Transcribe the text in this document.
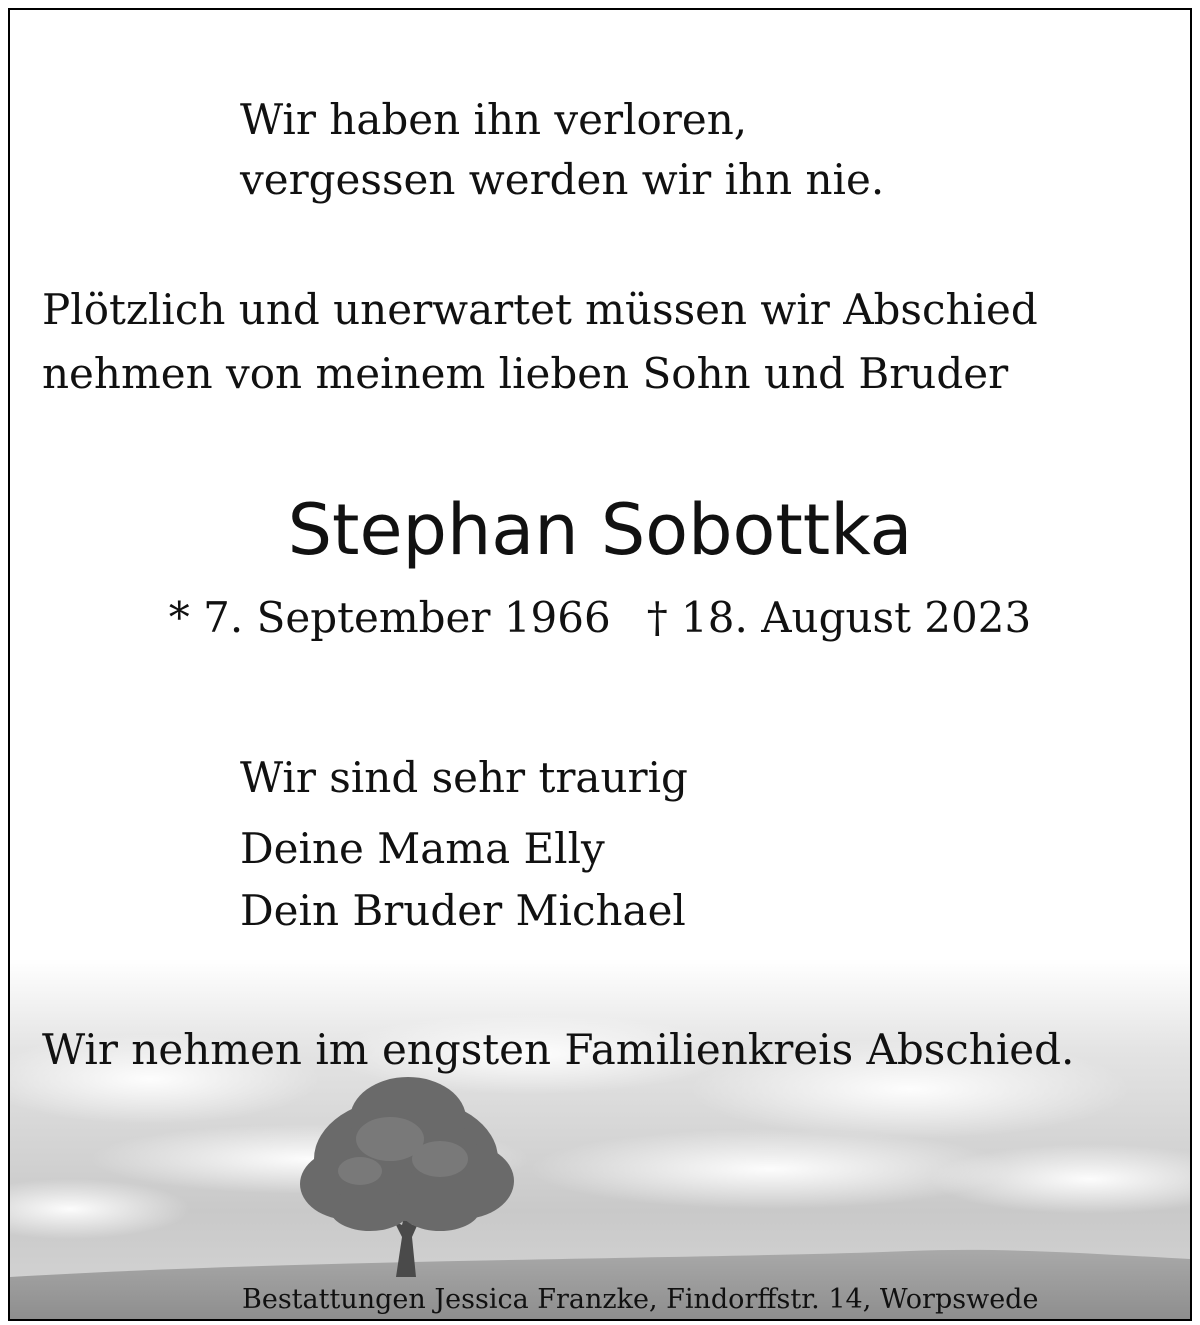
Wir haben ihn verloren,
vergessen werden wir ihn nie.
Plötzlich und unerwartet müssen wir Abschied
nehmen von meinem lieben Sohn und Bruder
Stephan Sobottka
* 7. September 1966 † 18. August 2023
Wir sind sehr traurig
Deine Mama Elly
Dein Bruder Michael
Wir nehmen im engsten Familienkreis Abschied.
Bestattungen Jessica Franzke, Findorffstr. 14, Worpswede
